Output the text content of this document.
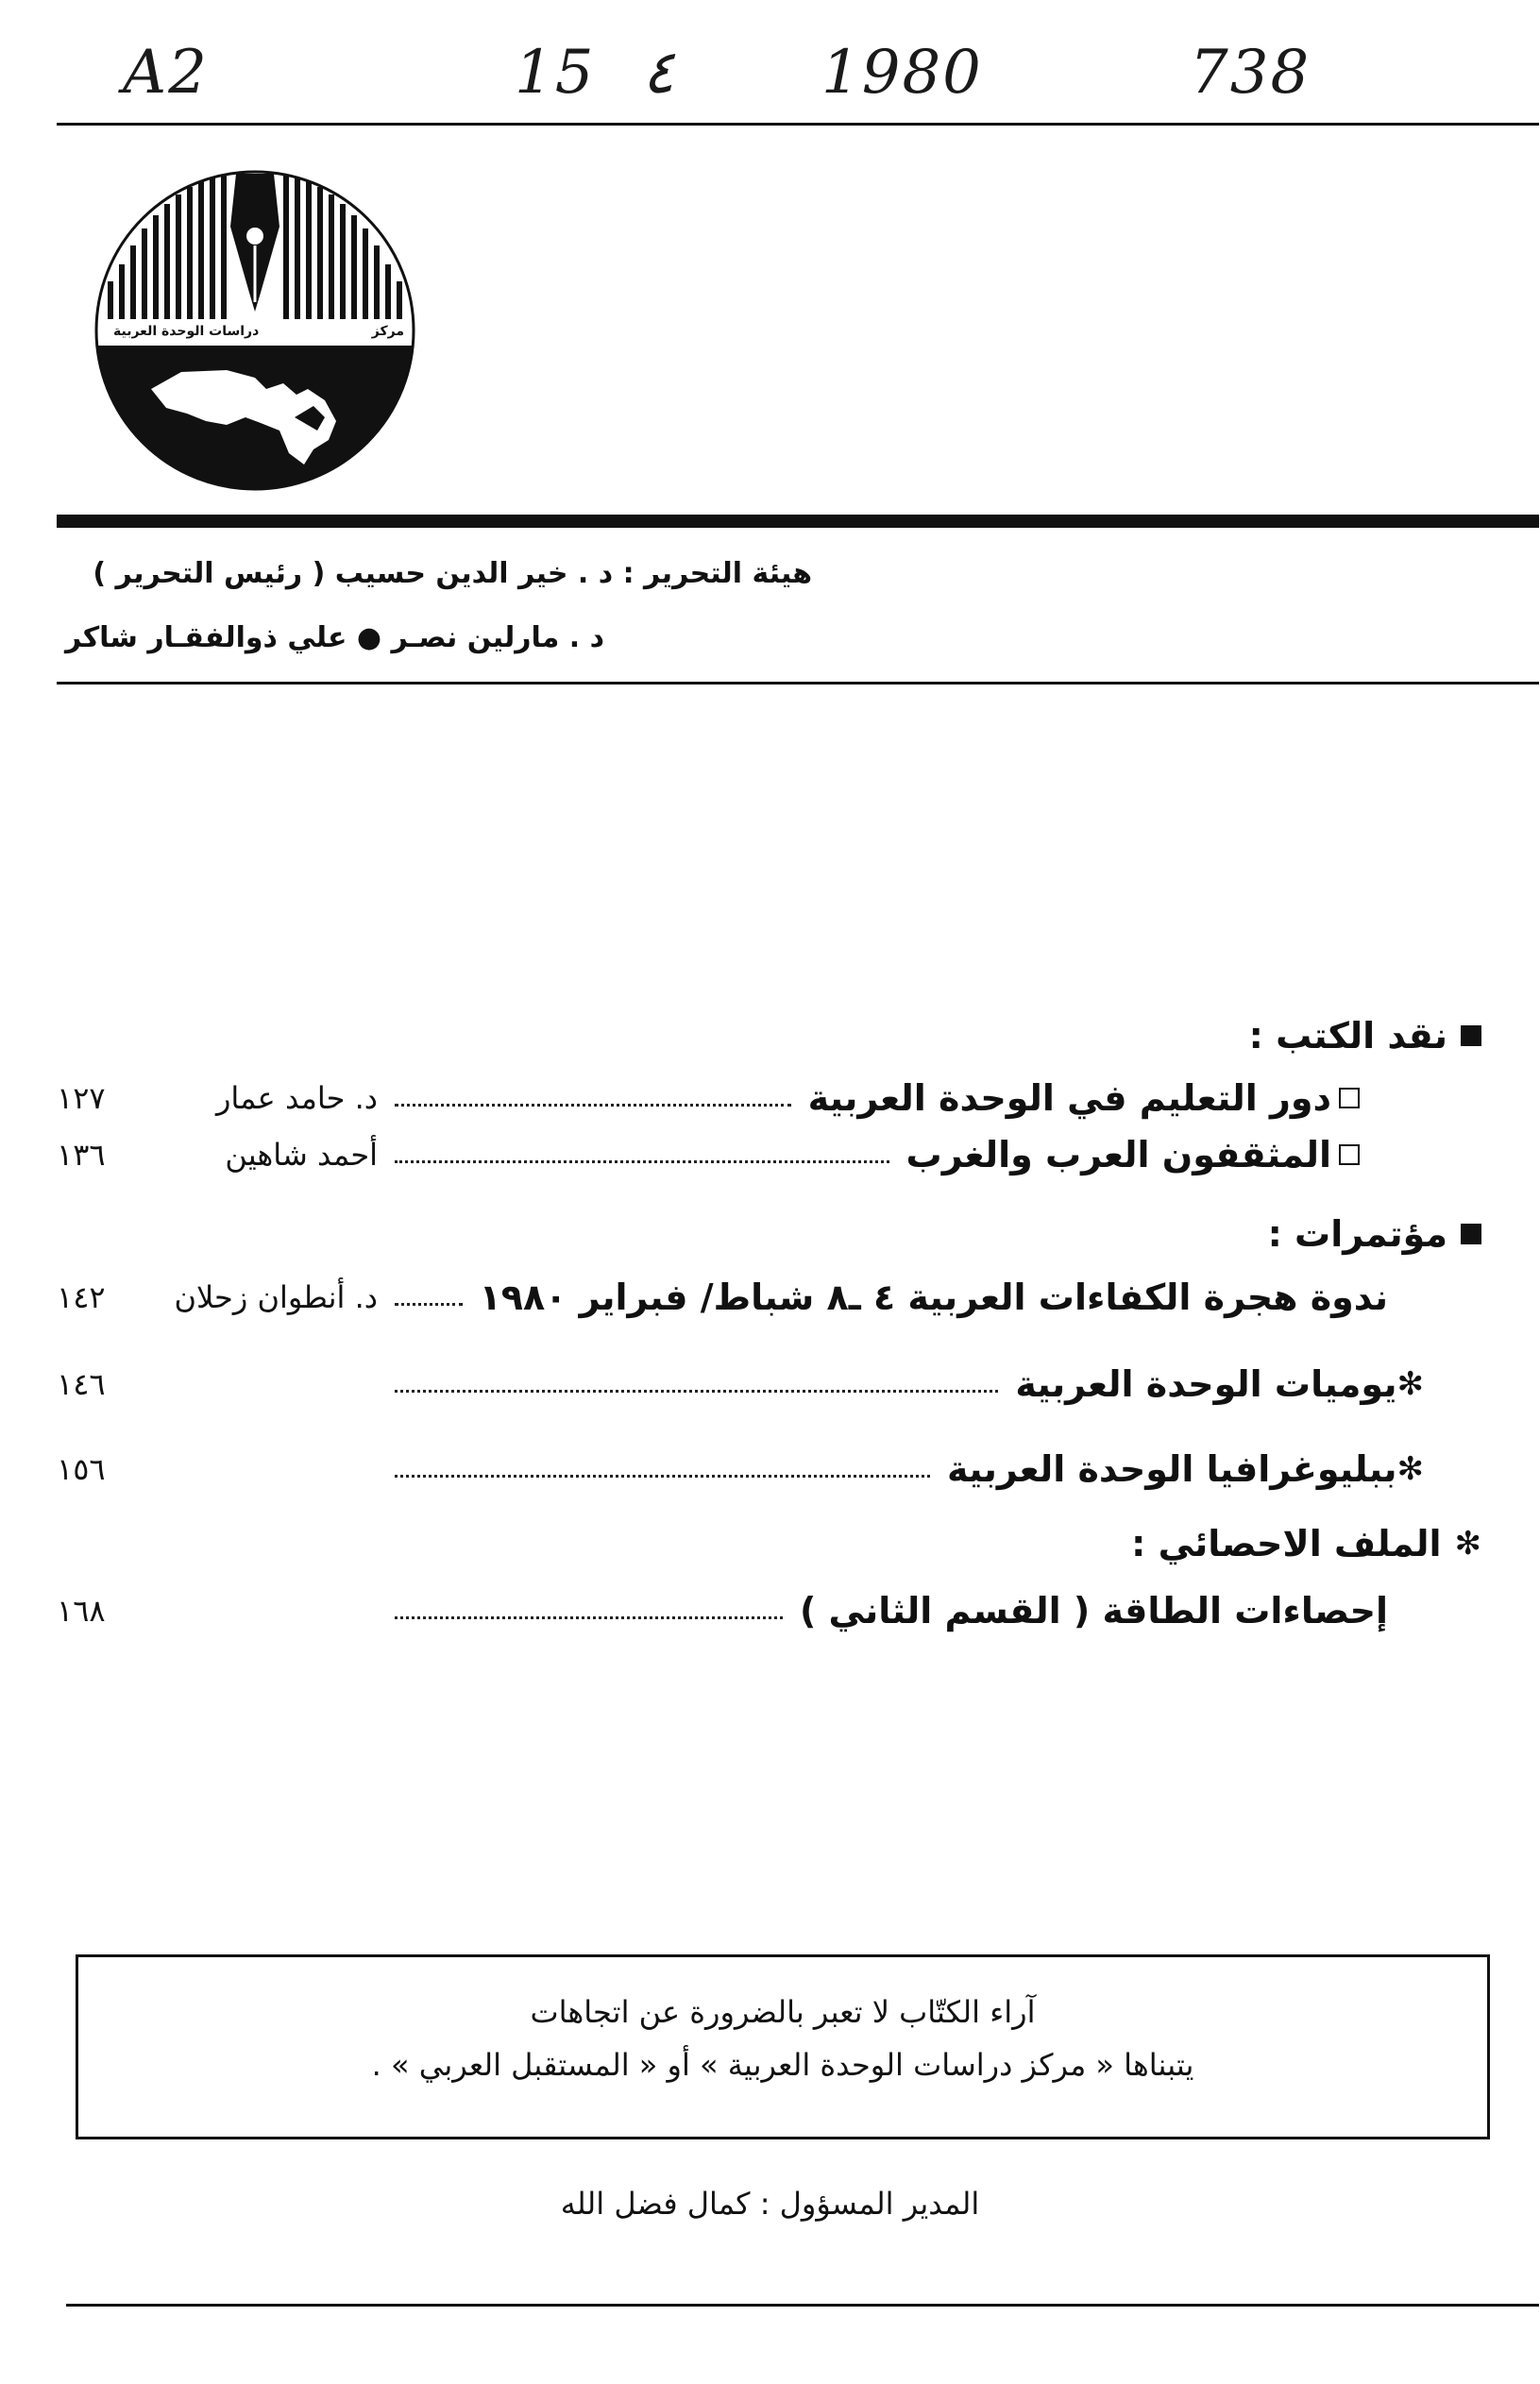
A2	15 ٤ 1980	738
مركز
دراسات الوحدة العربية
هيئة التحرير : د . خير الدين حسيب ( رئيس التحرير )
د . مارلين نصـر ● علي ذوالفقـار شاكر
نقد الكتب :
دور التعليم في الوحدة العربية
د. حامد عمار
١٢٧
المثقفون العرب والغرب
أحمد شاهين
١٣٦
مؤتمرات :
ندوة هجرة الكفاءات العربية ٤ ـ٨ شباط/ فبراير ١٩٨٠
د. أنطوان زحلان
١٤٢
✻
يوميات الوحدة العربية
١٤٦
✻
ببليوغرافيا الوحدة العربية
١٥٦
✻
الملف الاحصائي :
إحصاءات الطاقة ( القسم الثاني )
١٦٨
آراء الكتّاب لا تعبر بالضرورة عن اتجاهات
يتبناها « مركز دراسات الوحدة العربية » أو « المستقبل العربي » .
المدير المسؤول : كمال فضل الله
